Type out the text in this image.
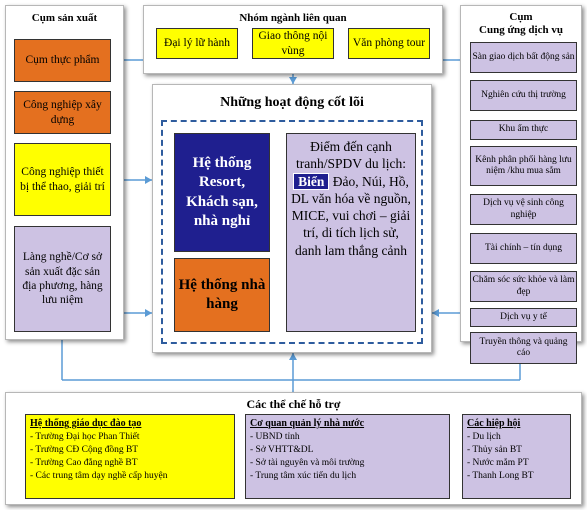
Cụm sản xuất
Cụm thực phẩm
Công nghiệp xây dựng
Công nghiệp thiết bị thể thao, giải trí
Làng nghề/Cơ sở sản xuất đặc sản địa phương, hàng lưu niệm
Nhóm ngành liên quan
Đại lý lữ hành
Giao thông nội vùng
Văn phòng tour
Những hoạt động cốt lõi
Hệ thống Resort, Khách sạn, nhà nghỉ
Hệ thống nhà hàng
Điểm đến cạnh tranh/SPDV du lịch: Biển Đảo, Núi, Hồ, DL văn hóa về nguồn, MICE, vui chơi – giải trí, di tích lịch sử, danh lam thắng cảnh
Cụm
Cung ứng dịch vụ
Sàn giao dịch bất động sản
Nghiên cứu thị trường
Khu ẩm thực
Kênh phân phối hàng lưu niệm /khu mua sắm
Dịch vụ vệ sinh công nghiệp
Tài chính – tín dụng
Chăm sóc sức khỏe và làm đẹp
Dịch vụ y tế
Truyền thông và quảng cáo
Các thể chế hỗ trợ
Hệ thống giáo dục đào tạo
- Trường Đại học Phan Thiết
- Trường CĐ Cộng đồng BT
- Trường Cao đẳng nghề BT
- Các trung tâm dạy nghề cấp huyện
Cơ quan quản lý nhà nước
- UBND tỉnh
- Sở VHTT&DL
- Sở tài nguyên và môi trường
- Trung tâm xúc tiến du lịch
Các hiệp hội
- Du lịch
- Thủy sản BT
- Nước mắm PT
- Thanh Long BT
